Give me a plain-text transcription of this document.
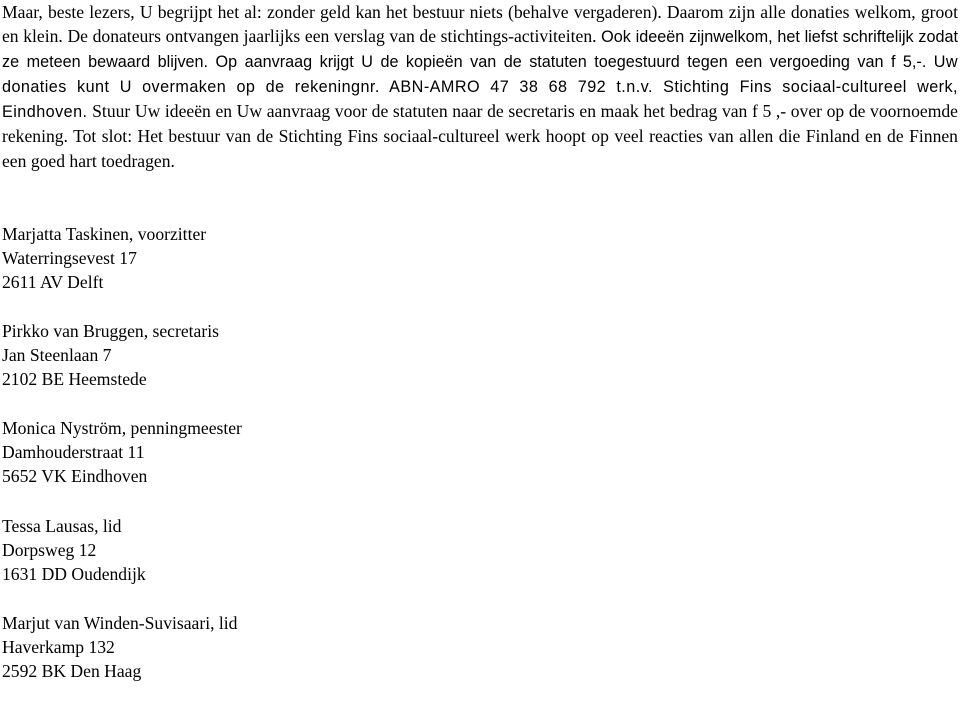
Maar, beste lezers, U begrijpt het al: zonder geld kan het bestuur niets (behalve vergaderen). Daarom zijn alle donaties welkom, groot en klein. De donateurs ontvangen jaarlijks een verslag van de stichtings-activiteiten. Ook ideeën zijnwelkom, het liefst schriftelijk zodat ze meteen bewaard blijven. Op aanvraag krijgt U de kopieën van de statuten toegestuurd tegen een vergoeding van f 5,-. Uw donaties kunt U overmaken op de rekeningnr. ABN-AMRO 47 38 68 792 t.n.v. Stichting Fins sociaal-cultureel werk, Eindhoven. Stuur Uw ideeën en Uw aanvraag voor de statuten naar de secretaris en maak het bedrag van f 5 ,- over op de voornoemde rekening. Tot slot: Het bestuur van de Stichting Fins sociaal-cultureel werk hoopt op veel reacties van allen die Finland en de Finnen een goed hart toedragen.

Marjatta Taskinen, voorzitter
Waterringsevest 17
2611 AV Delft
Pirkko van Bruggen, secretaris
Jan Steenlaan 7
2102 BE Heemstede
Monica Nyström, penningmeester
Damhouderstraat 11
5652 VK Eindhoven
Tessa Lausas, lid
Dorpsweg 12
1631 DD Oudendijk
Marjut van Winden-Suvisaari, lid
Haverkamp 132
2592 BK Den Haag
